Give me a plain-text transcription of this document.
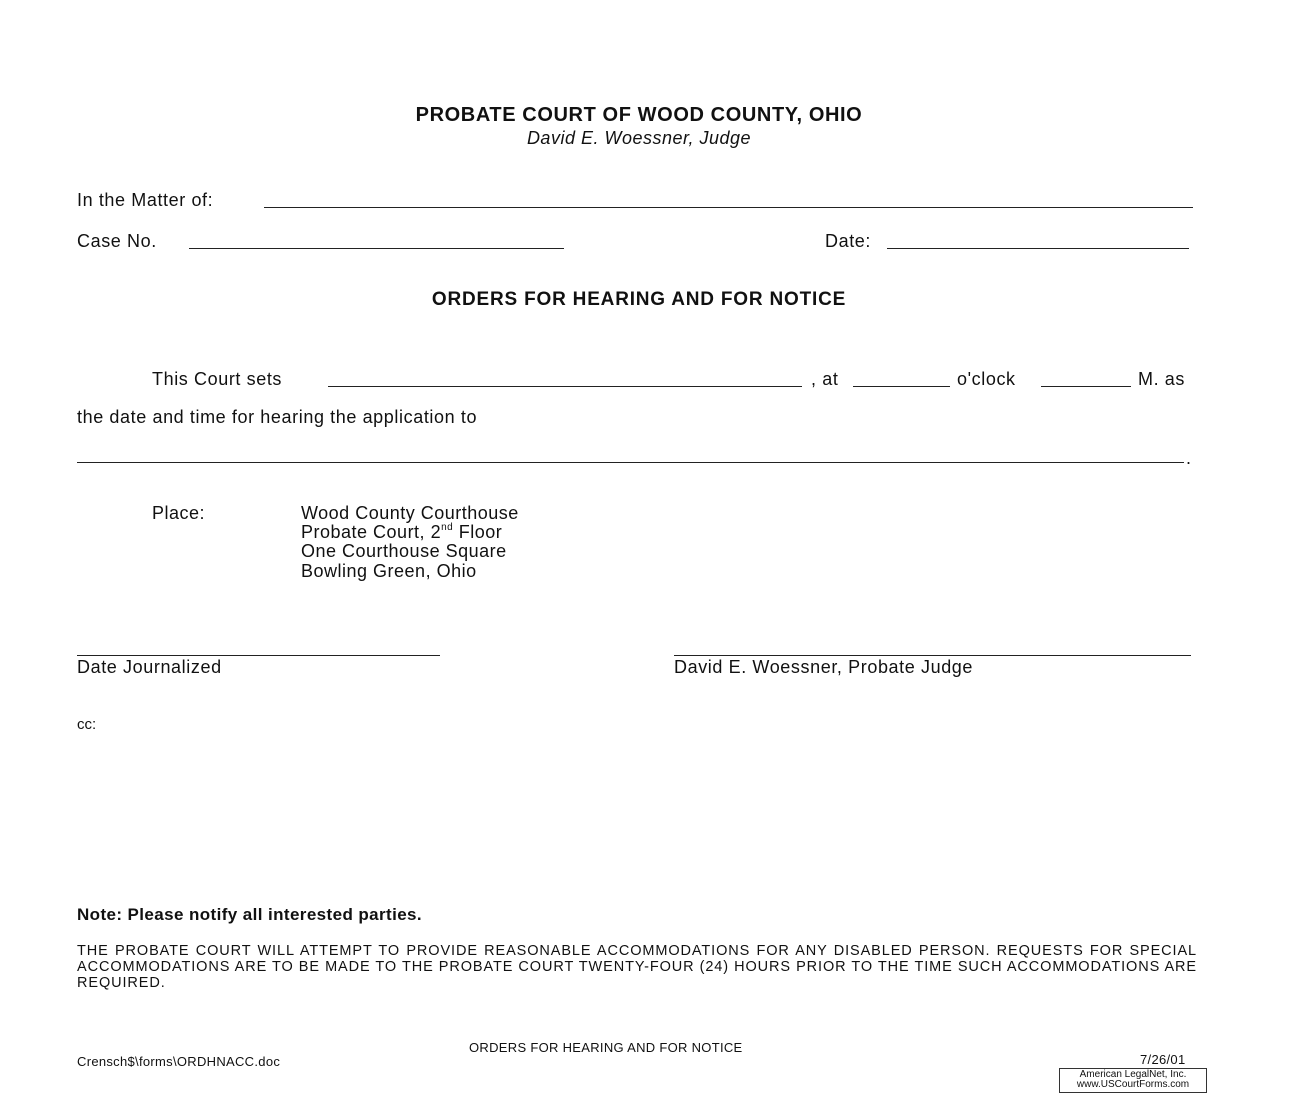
PROBATE COURT OF WOOD COUNTY, OHIO
David E. Woessner, Judge
In the Matter of:
Case No.	Date:
ORDERS FOR HEARING AND FOR NOTICE
This Court sets	, at	o'clock	M. as
the date and time for hearing the application to
.
Place:	Wood County Courthouse
Probate Court, 2nd Floor
One Courthouse Square
Bowling Green, Ohio
Date Journalized	David E. Woessner, Probate Judge
cc:
Note: Please notify all interested parties.
THE PROBATE COURT WILL ATTEMPT TO PROVIDE REASONABLE ACCOMMODATIONS FOR ANY DISABLED PERSON. REQUESTS FOR SPECIAL ACCOMMODATIONS ARE TO BE MADE TO THE PROBATE COURT TWENTY-FOUR (24) HOURS PRIOR TO THE TIME SUCH ACCOMMODATIONS ARE REQUIRED.
Crensch$\forms\ORDHNACC.doc
ORDERS FOR HEARING AND FOR NOTICE
7/26/01
American LegalNet, Inc.
www.USCourtForms.com
